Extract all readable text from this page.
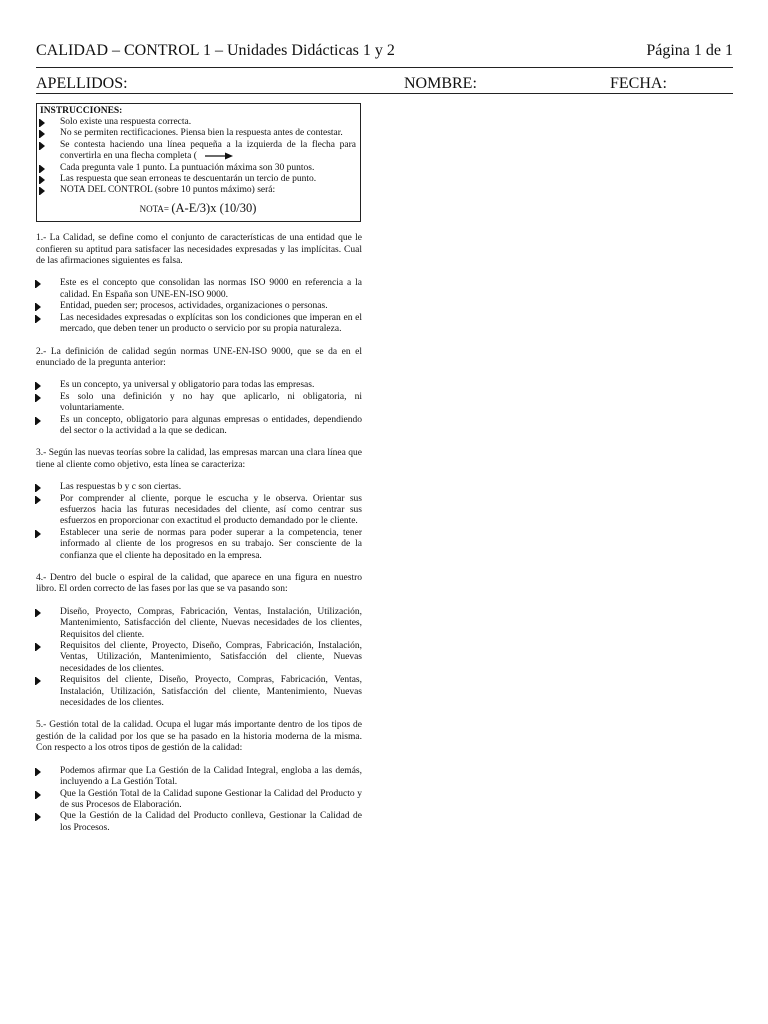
CALIDAD – CONTROL 1 – Unidades Didácticas 1 y 2	Página 1 de 1
APELLIDOS:	NOMBRE:	FECHA:
INSTRUCCIONES:
Solo existe una respuesta correcta.
No se permiten rectificaciones. Piensa bien la respuesta antes de contestar.
Se contesta haciendo una línea pequeña a la izquierda de la flecha para convertirla en una flecha completa (
Cada pregunta vale 1 punto. La puntuación máxima son 30 puntos.
Las respuesta que sean erroneas te descuentarán un tercio de punto.
NOTA DEL CONTROL (sobre 10 puntos máximo) será:
NOTA= (A-E/3)x (10/30)

1.- La Calidad, se define como el conjunto de características de una entidad que le confieren su aptitud para satisfacer las necesidades expresadas y las implícitas. Cual de las afirmaciones siguientes es falsa.

Este es el concepto que consolidan las normas ISO 9000 en referencia a la calidad. En España son UNE-EN-ISO 9000.
Entidad, pueden ser; procesos, actividades, organizaciones o personas.
Las necesidades expresadas o explícitas son los condiciones que imperan en el mercado, que deben tener un producto o servicio por su propia naturaleza.

2.- La definición de calidad según normas UNE-EN-ISO 9000, que se da en el enunciado de la pregunta anterior:

Es un concepto, ya universal y obligatorio para todas las empresas.
Es solo una definición y no hay que aplicarlo, ni obligatoria, ni voluntariamente.
Es un concepto, obligatorio para algunas empresas o entidades, dependiendo del sector o la actividad a la que se dedican.

3.- Según las nuevas teorías sobre la calidad, las empresas marcan una clara línea que tiene al cliente como objetivo, esta línea se caracteriza:

Las respuestas b y c son ciertas.
Por comprender al cliente, porque le escucha y le observa. Orientar sus esfuerzos hacia las futuras necesidades del cliente, así como centrar sus esfuerzos en proporcionar con exactitud el producto demandado por le cliente.
Establecer una serie de normas para poder superar a la competencia, tener informado al cliente de los progresos en su trabajo. Ser consciente de la confianza que el cliente ha depositado en la empresa.

4.- Dentro del bucle o espiral de la calidad, que aparece en una figura en nuestro libro. El orden correcto de las fases por las que se va pasando son:

Diseño, Proyecto, Compras, Fabricación, Ventas, Instalación, Utilización, Mantenimiento, Satisfacción del cliente, Nuevas necesidades de los clientes, Requisitos del cliente.
Requisitos del cliente, Proyecto, Diseño, Compras, Fabricación, Instalación, Ventas, Utilización, Mantenimiento, Satisfacción del cliente, Nuevas necesidades de los clientes.
Requisitos del cliente, Diseño, Proyecto, Compras, Fabricación, Ventas, Instalación, Utilización, Satisfacción del cliente, Mantenimiento, Nuevas necesidades de los clientes.

5.- Gestión total de la calidad. Ocupa el lugar más importante dentro de los tipos de gestión de la calidad por los que se ha pasado en la historia moderna de la misma. Con respecto a los otros tipos de gestión de la calidad:

Podemos afirmar que La Gestión de la Calidad Integral, engloba a las demás, incluyendo a La Gestión Total.
Que la Gestión Total de la Calidad supone Gestionar la Calidad del Producto y de sus Procesos de Elaboración.
Que la Gestión de la Calidad del Producto conlleva, Gestionar la Calidad de los Procesos.
